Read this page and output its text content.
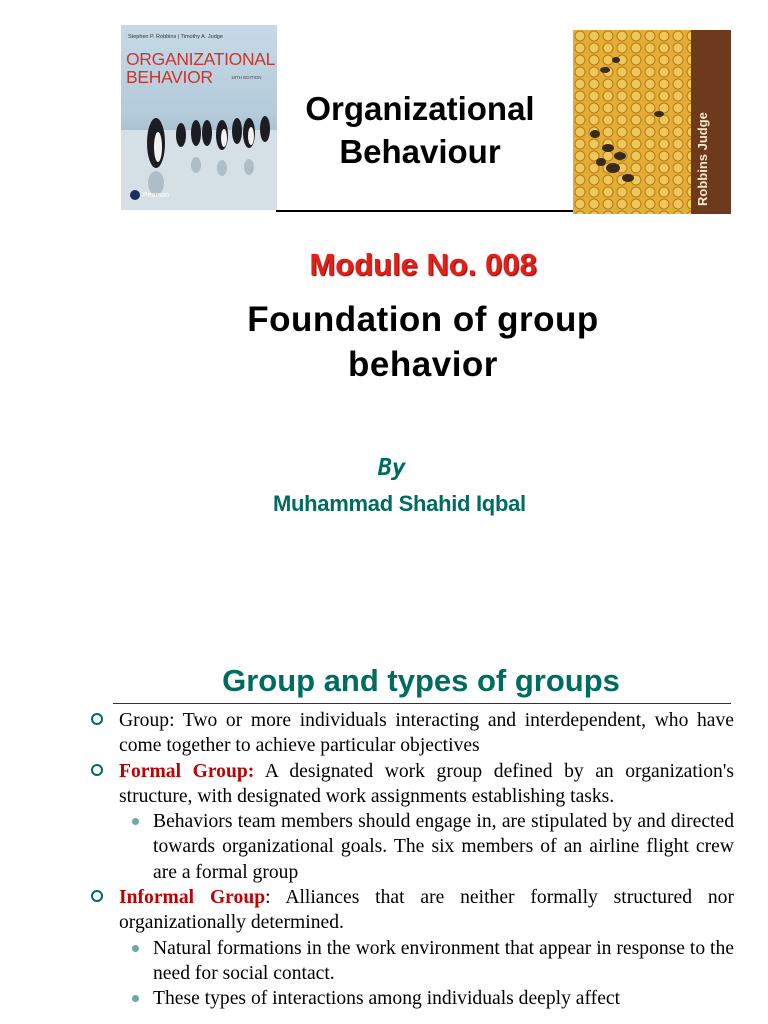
Stephen P. Robbins | Timothy A. Judge
ORGANIZATIONAL
BEHAVIOR	18TH EDITION
Pearson
Organizational
Behaviour	Robbins Judge
Module No. 008
Foundation of group
behavior
By
Muhammad Shahid Iqbal
Group and types of groups
Group: Two or more individuals interacting and interdependent, who have come together to achieve particular objectives
Formal Group: A designated work group defined by an organization's structure, with designated work assignments establishing tasks.
Behaviors team members should engage in, are stipulated by and directed towards organizational goals. The six members of an airline flight crew are a formal group
Informal Group: Alliances that are neither formally structured nor organizationally determined.
Natural formations in the work environment that appear in response to the need for social contact.
These types of interactions among individuals deeply affect
